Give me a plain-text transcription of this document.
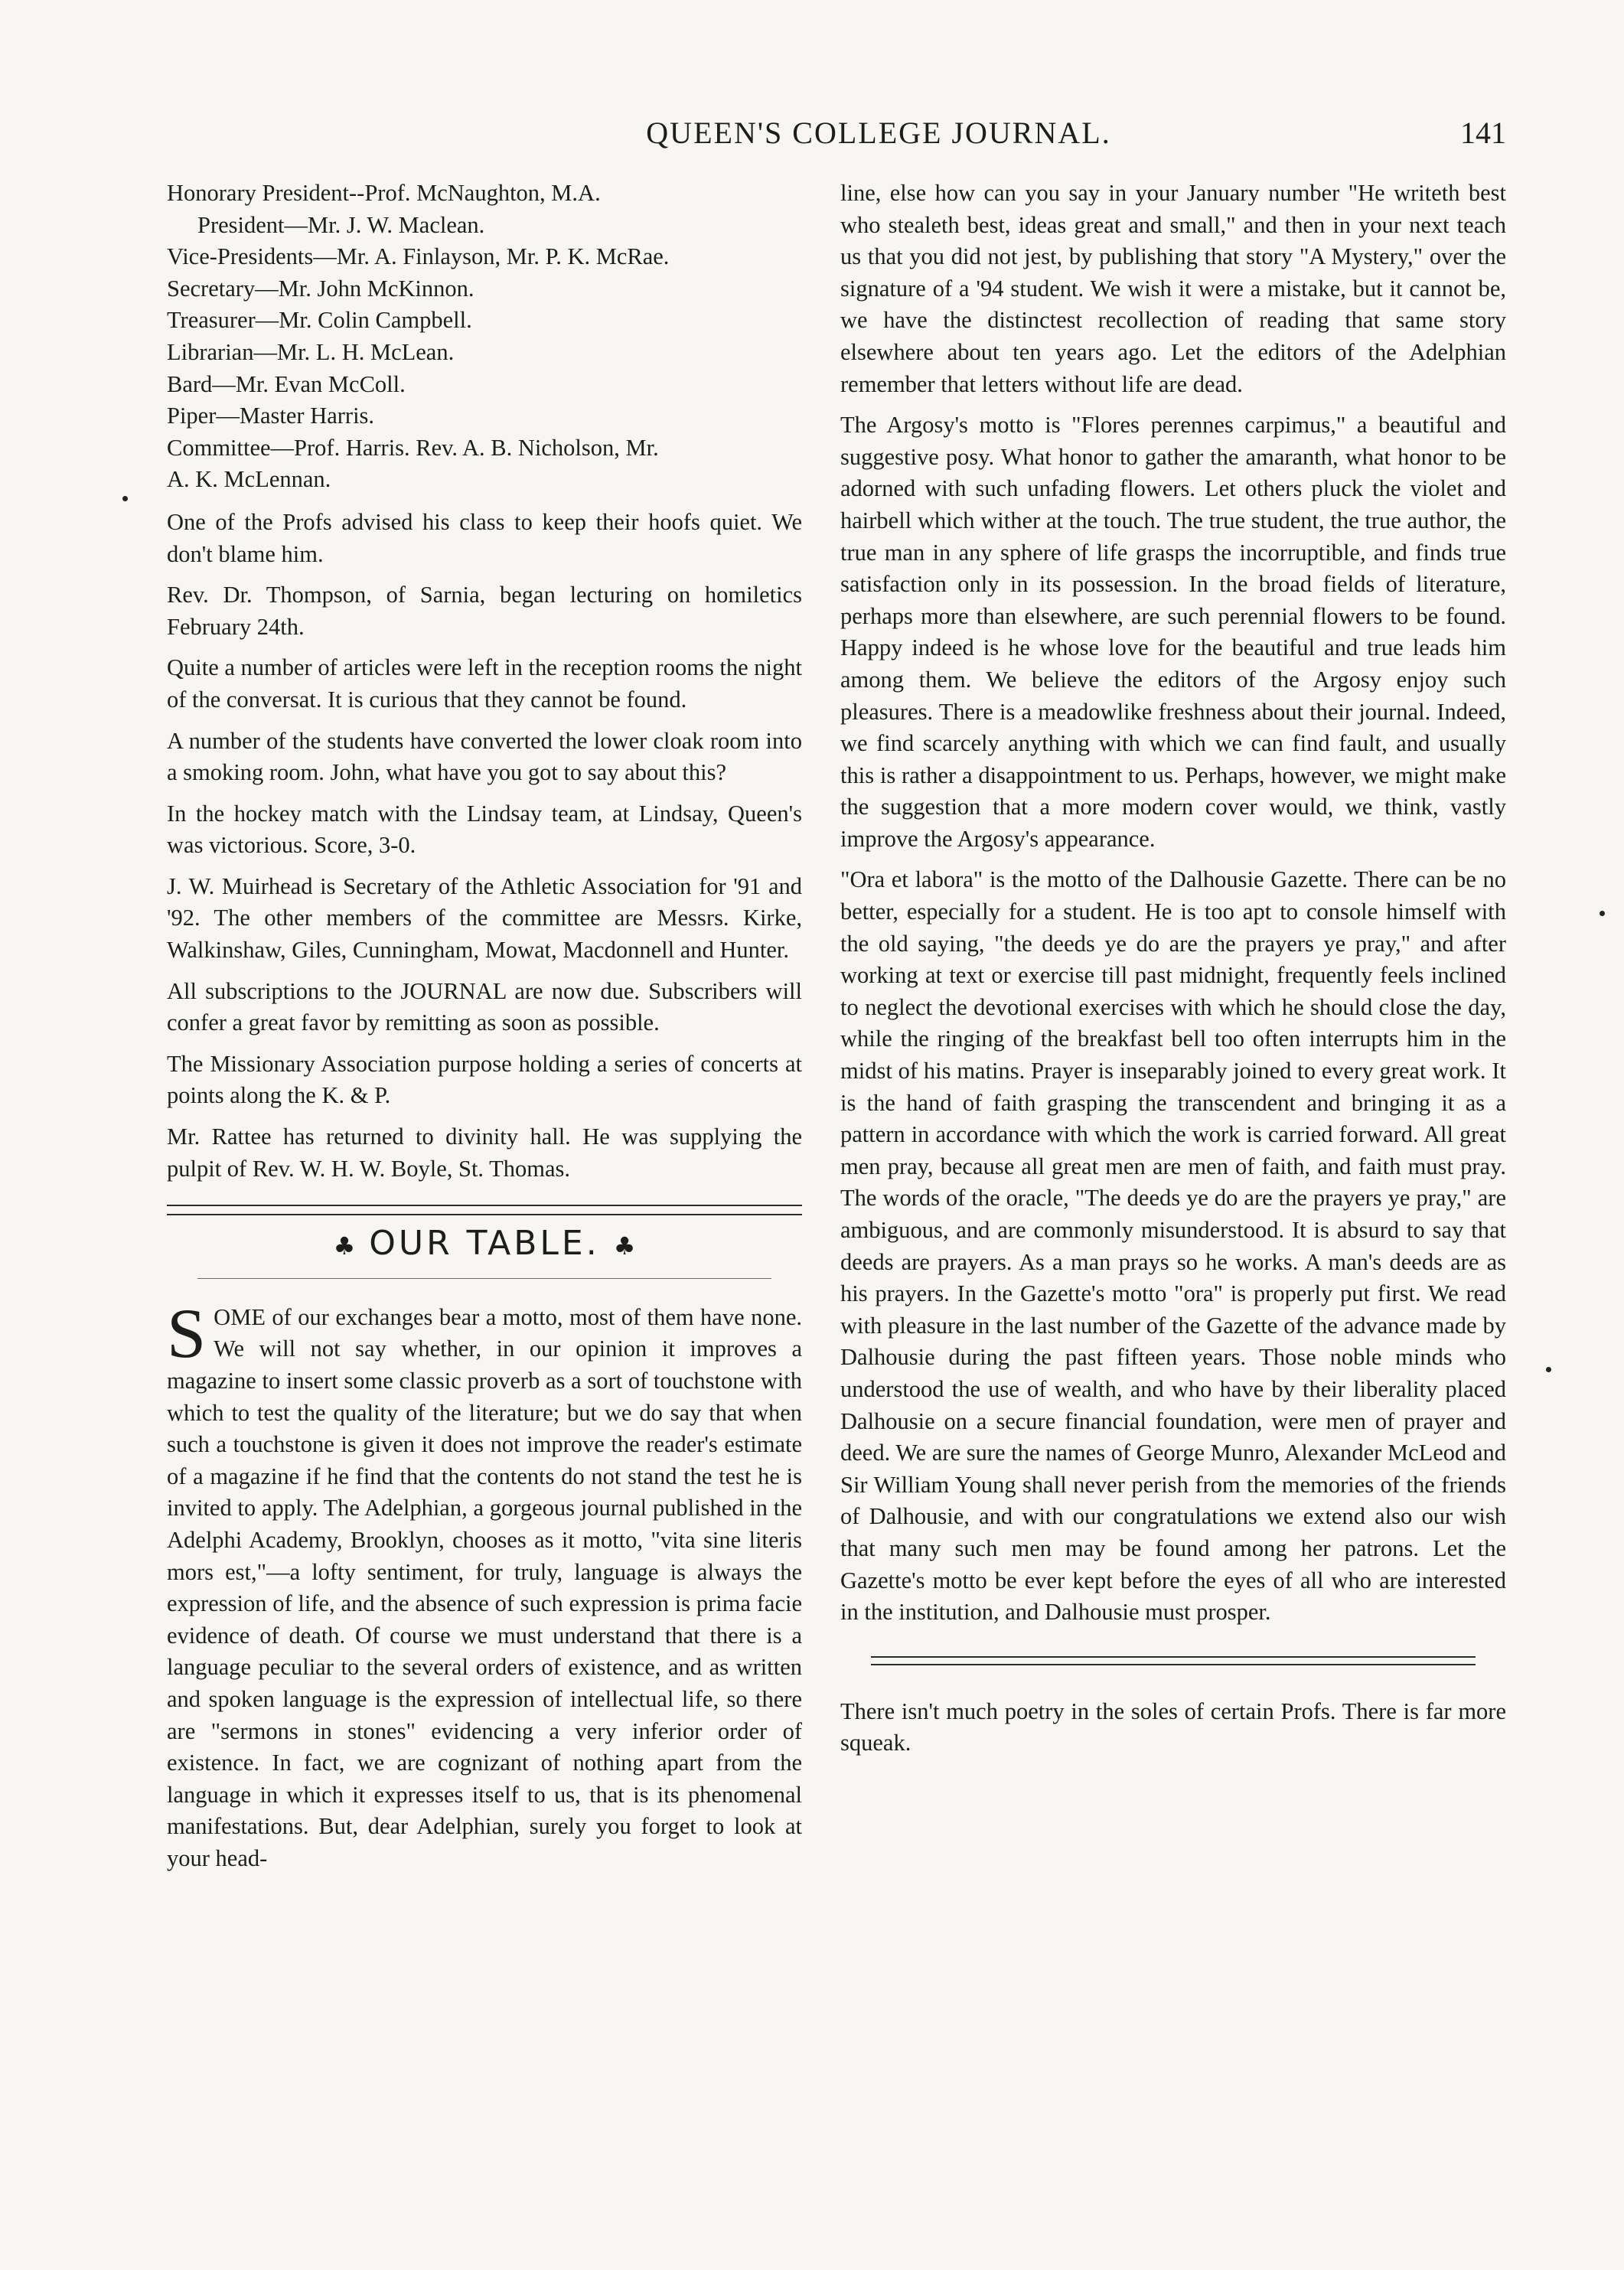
QUEEN'S COLLEGE JOURNAL.	141
Honorary President--Prof. McNaughton, M.A.
President—Mr. J. W. Maclean.
Vice-Presidents—Mr. A. Finlayson, Mr. P. K. McRae.
Secretary—Mr. John McKinnon.
Treasurer—Mr. Colin Campbell.
Librarian—Mr. L. H. McLean.
Bard—Mr. Evan McColl.
Piper—Master Harris.
Committee—Prof. Harris. Rev. A. B. Nicholson, Mr.
A. K. McLennan.

One of the Profs advised his class to keep their hoofs quiet. We don't blame him.

Rev. Dr. Thompson, of Sarnia, began lecturing on homiletics February 24th.

Quite a number of articles were left in the reception rooms the night of the conversat. It is curious that they cannot be found.

A number of the students have converted the lower cloak room into a smoking room. John, what have you got to say about this?

In the hockey match with the Lindsay team, at Lindsay, Queen's was victorious. Score, 3-0.

J. W. Muirhead is Secretary of the Athletic Association for '91 and '92. The other members of the committee are Messrs. Kirke, Walkinshaw, Giles, Cunningham, Mowat, Macdonnell and Hunter.

All subscriptions to the JOURNAL are now due. Subscribers will confer a great favor by remitting as soon as possible.

The Missionary Association purpose holding a series of concerts at points along the K. & P.

Mr. Rattee has returned to divinity hall. He was supplying the pulpit of Rev. W. H. W. Boyle, St. Thomas.

♣ OUR TABLE. ♣
S OME of our exchanges bear a motto, most of them have none. We will not say whether, in our opinion it improves a magazine to insert some classic proverb as a sort of touchstone with which to test the quality of the literature; but we do say that when such a touchstone is given it does not improve the reader's estimate of a magazine if he find that the contents do not stand the test he is invited to apply. The Adelphian, a gorgeous journal published in the Adelphi Academy, Brooklyn, chooses as it motto, "vita sine literis mors est,"—a lofty sentiment, for truly, language is always the expression of life, and the absence of such expression is prima facie evidence of death. Of course we must understand that there is a language peculiar to the several orders of existence, and as written and spoken language is the expression of intellectual life, so there are "sermons in stones" evidencing a very inferior order of existence. In fact, we are cognizant of nothing apart from the language in which it expresses itself to us, that is its phenomenal manifestations. But, dear Adelphian, surely you forget to look at your head-

line, else how can you say in your January number "He writeth best who stealeth best, ideas great and small," and then in your next teach us that you did not jest, by publishing that story "A Mystery," over the signature of a '94 student. We wish it were a mistake, but it cannot be, we have the distinctest recollection of reading that same story elsewhere about ten years ago. Let the editors of the Adelphian remember that letters without life are dead.

The Argosy's motto is "Flores perennes carpimus," a beautiful and suggestive posy. What honor to gather the amaranth, what honor to be adorned with such unfading flowers. Let others pluck the violet and hairbell which wither at the touch. The true student, the true author, the true man in any sphere of life grasps the incorruptible, and finds true satisfaction only in its possession. In the broad fields of literature, perhaps more than elsewhere, are such perennial flowers to be found. Happy indeed is he whose love for the beautiful and true leads him among them. We believe the editors of the Argosy enjoy such pleasures. There is a meadowlike freshness about their journal. Indeed, we find scarcely anything with which we can find fault, and usually this is rather a disappointment to us. Perhaps, however, we might make the suggestion that a more modern cover would, we think, vastly improve the Argosy's appearance.

"Ora et labora" is the motto of the Dalhousie Gazette. There can be no better, especially for a student. He is too apt to console himself with the old saying, "the deeds ye do are the prayers ye pray," and after working at text or exercise till past midnight, frequently feels inclined to neglect the devotional exercises with which he should close the day, while the ringing of the breakfast bell too often interrupts him in the midst of his matins. Prayer is inseparably joined to every great work. It is the hand of faith grasping the transcendent and bringing it as a pattern in accordance with which the work is carried forward. All great men pray, because all great men are men of faith, and faith must pray. The words of the oracle, "The deeds ye do are the prayers ye pray," are ambiguous, and are commonly misunderstood. It is absurd to say that deeds are prayers. As a man prays so he works. A man's deeds are as his prayers. In the Gazette's motto "ora" is properly put first. We read with pleasure in the last number of the Gazette of the advance made by Dalhousie during the past fifteen years. Those noble minds who understood the use of wealth, and who have by their liberality placed Dalhousie on a secure financial foundation, were men of prayer and deed. We are sure the names of George Munro, Alexander McLeod and Sir William Young shall never perish from the memories of the friends of Dalhousie, and with our congratulations we extend also our wish that many such men may be found among her patrons. Let the Gazette's motto be ever kept before the eyes of all who are interested in the institution, and Dalhousie must prosper.

There isn't much poetry in the soles of certain Profs. There is far more squeak.
